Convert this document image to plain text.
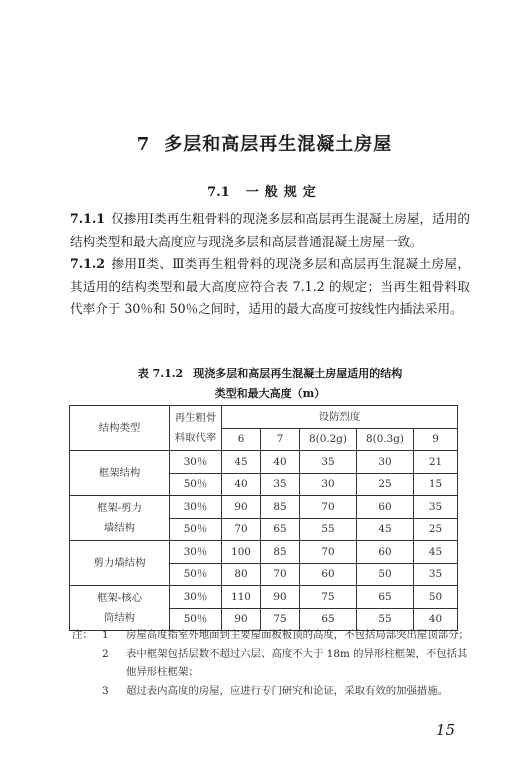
7 多层和高层再生混凝土房屋
7.1 一般规定

7.1.1 仅掺用Ⅰ类再生粗骨料的现浇多层和高层再生混凝土房屋，适用的结构类型和最大高度应与现浇多层和高层普通混凝土房屋一致。

7.1.2 掺用Ⅱ类、Ⅲ类再生粗骨料的现浇多层和高层再生混凝土房屋，其适用的结构类型和最大高度应符合表 7.1.2 的规定；当再生粗骨料取代率介于 30％和 50％之间时，适用的最大高度可按线性内插法采用。

表 7.1.2 现浇多层和高层再生混凝土房屋适用的结构
类型和最大高度（m）
结构类型	再生粗骨料取代率	设防烈度				
		6	7	8(0.2g)	8(0.3g)	9
框架结构	30％	45	40	35	30	21
	50％	40	35	30	25	15
框架-剪力
墙结构	30％	90	85	70	60	35
	50％	70	65	55	45	25
剪力墙结构	30％	100	85	70	60	45
	50％	80	70	60	50	35
框架-核心
筒结构	30％	110	90	75	65	50
	50％	90	75	65	55	40
注： 1	房屋高度指室外地面到主要屋面板板顶的高度，不包括局部突出屋顶部分；
2	表中框架包括层数不超过六层、高度不大于 18m 的异形柱框架，不包括其他异形柱框架；
3	超过表内高度的房屋，应进行专门研究和论证，采取有效的加强措施。
15
